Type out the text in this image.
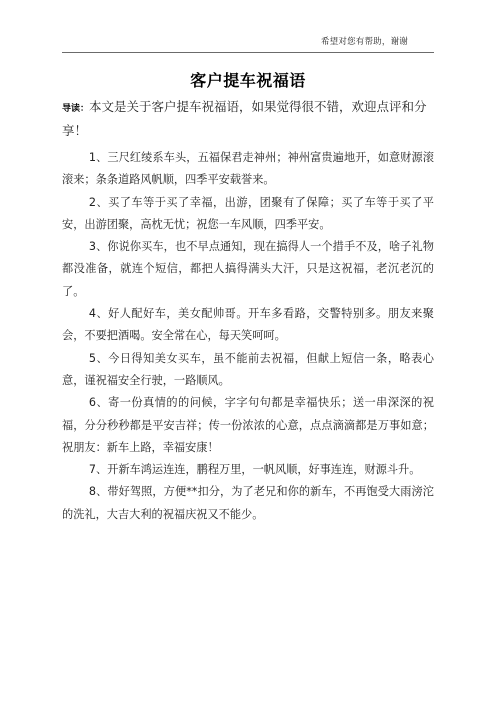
希望对您有帮助，谢谢
客户提车祝福语

导读：本文是关于客户提车祝福语，如果觉得很不错，欢迎点评和分享！

1、三尺红绫系车头，五福保君走神州；神州富贵遍地开，如意财源滚滚来；条条道路风帆顺，四季平安载誉来。

2、买了车等于买了幸福，出游，团聚有了保障；买了车等于买了平安，出游团聚，高枕无忧；祝您一车风顺，四季平安。

3、你说你买车，也不早点通知，现在搞得人一个措手不及，啥子礼物都没准备，就连个短信，都把人搞得满头大汗，只是这祝福，老沉老沉的了。

4、好人配好车，美女配帅哥。开车多看路，交警特别多。朋友来聚会，不要把酒喝。安全常在心，每天笑呵呵。

5、今日得知美女买车，虽不能前去祝福，但献上短信一条，略表心意，谨祝福安全行驶，一路顺风。

6、寄一份真情的的问候，字字句句都是幸福快乐；送一串深深的祝福，分分秒秒都是平安吉祥；传一份浓浓的心意，点点滴滴都是万事如意；祝朋友：新车上路，幸福安康！

7、开新车鸿运连连，鹏程万里，一帆风顺，好事连连，财源斗升。

8、带好驾照，方便**扣分，为了老兄和你的新车，不再饱受大雨滂沱的洗礼，大吉大利的祝福庆祝又不能少。
